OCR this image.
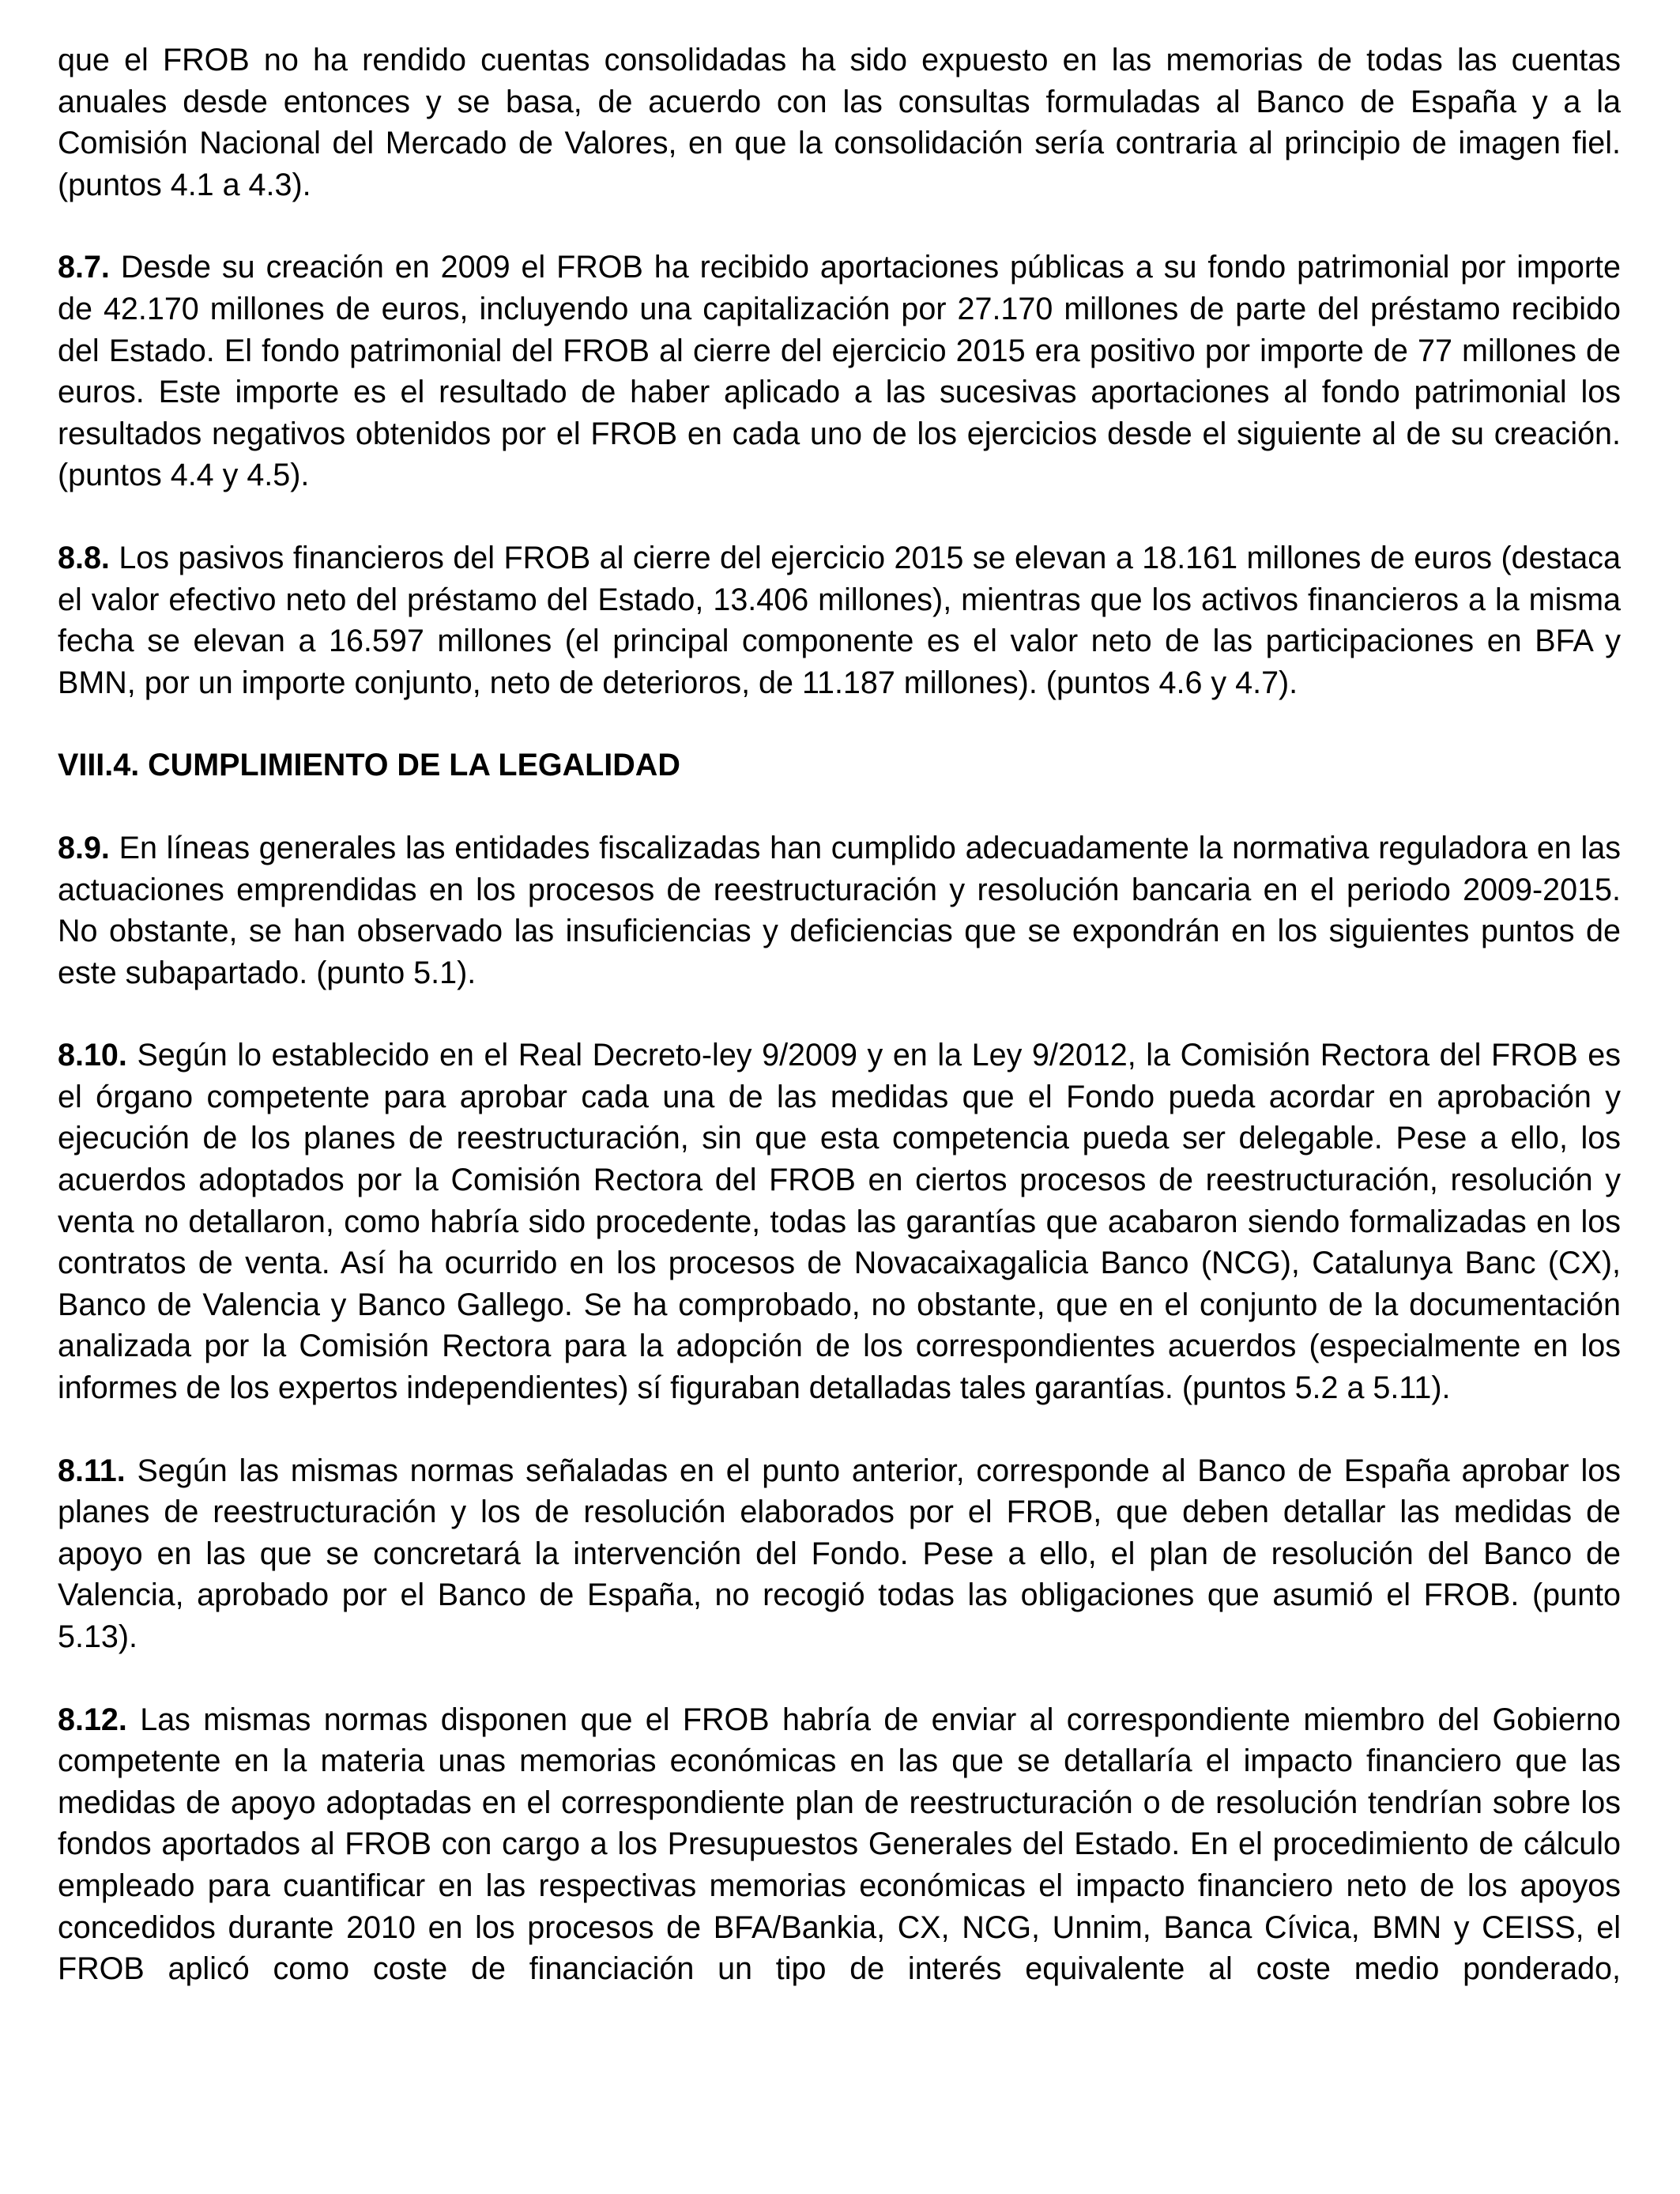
que el FROB no ha rendido cuentas consolidadas ha sido expuesto en las memorias de todas las cuentas anuales desde entonces y se basa, de acuerdo con las consultas formuladas al Banco de España y a la Comisión Nacional del Mercado de Valores, en que la consolidación sería contraria al principio de imagen fiel. (puntos 4.1 a 4.3).

8.7. Desde su creación en 2009 el FROB ha recibido aportaciones públicas a su fondo patrimonial por importe de 42.170 millones de euros, incluyendo una capitalización por 27.170 millones de parte del préstamo recibido del Estado. El fondo patrimonial del FROB al cierre del ejercicio 2015 era positivo por importe de 77 millones de euros. Este importe es el resultado de haber aplicado a las sucesivas aportaciones al fondo patrimonial los resultados negativos obtenidos por el FROB en cada uno de los ejercicios desde el siguiente al de su creación. (puntos 4.4 y 4.5).

8.8. Los pasivos financieros del FROB al cierre del ejercicio 2015 se elevan a 18.161 millones de euros (destaca el valor efectivo neto del préstamo del Estado, 13.406 millones), mientras que los activos financieros a la misma fecha se elevan a 16.597 millones (el principal componente es el valor neto de las participaciones en BFA y BMN, por un importe conjunto, neto de deterioros, de 11.187 millones). (puntos 4.6 y 4.7).

VIII.4. CUMPLIMIENTO DE LA LEGALIDAD

8.9. En líneas generales las entidades fiscalizadas han cumplido adecuadamente la normativa reguladora en las actuaciones emprendidas en los procesos de reestructuración y resolución bancaria en el periodo 2009-2015. No obstante, se han observado las insuficiencias y deficiencias que se expondrán en los siguientes puntos de este subapartado. (punto 5.1).

8.10. Según lo establecido en el Real Decreto-ley 9/2009 y en la Ley 9/2012, la Comisión Rectora del FROB es el órgano competente para aprobar cada una de las medidas que el Fondo pueda acordar en aprobación y ejecución de los planes de reestructuración, sin que esta competencia pueda ser delegable. Pese a ello, los acuerdos adoptados por la Comisión Rectora del FROB en ciertos procesos de reestructuración, resolución y venta no detallaron, como habría sido procedente, todas las garantías que acabaron siendo formalizadas en los contratos de venta. Así ha ocurrido en los procesos de Novacaixagalicia Banco (NCG), Catalunya Banc (CX), Banco de Valencia y Banco Gallego. Se ha comprobado, no obstante, que en el conjunto de la documentación analizada por la Comisión Rectora para la adopción de los correspondientes acuerdos (especialmente en los informes de los expertos independientes) sí figuraban detalladas tales garantías. (puntos 5.2 a 5.11).

8.11. Según las mismas normas señaladas en el punto anterior, corresponde al Banco de España aprobar los planes de reestructuración y los de resolución elaborados por el FROB, que deben detallar las medidas de apoyo en las que se concretará la intervención del Fondo. Pese a ello, el plan de resolución del Banco de Valencia, aprobado por el Banco de España, no recogió todas las obligaciones que asumió el FROB. (punto 5.13).

8.12. Las mismas normas disponen que el FROB habría de enviar al correspondiente miembro del Gobierno competente en la materia unas memorias económicas en las que se detallaría el impacto financiero que las medidas de apoyo adoptadas en el correspondiente plan de reestructuración o de resolución tendrían sobre los fondos aportados al FROB con cargo a los Presupuestos Generales del Estado. En el procedimiento de cálculo empleado para cuantificar en las respectivas memorias económicas el impacto financiero neto de los apoyos concedidos durante 2010 en los procesos de BFA/Bankia, CX, NCG, Unnim, Banca Cívica, BMN y CEISS, el FROB aplicó como coste de financiación un tipo de interés equivalente al coste medio ponderado,
